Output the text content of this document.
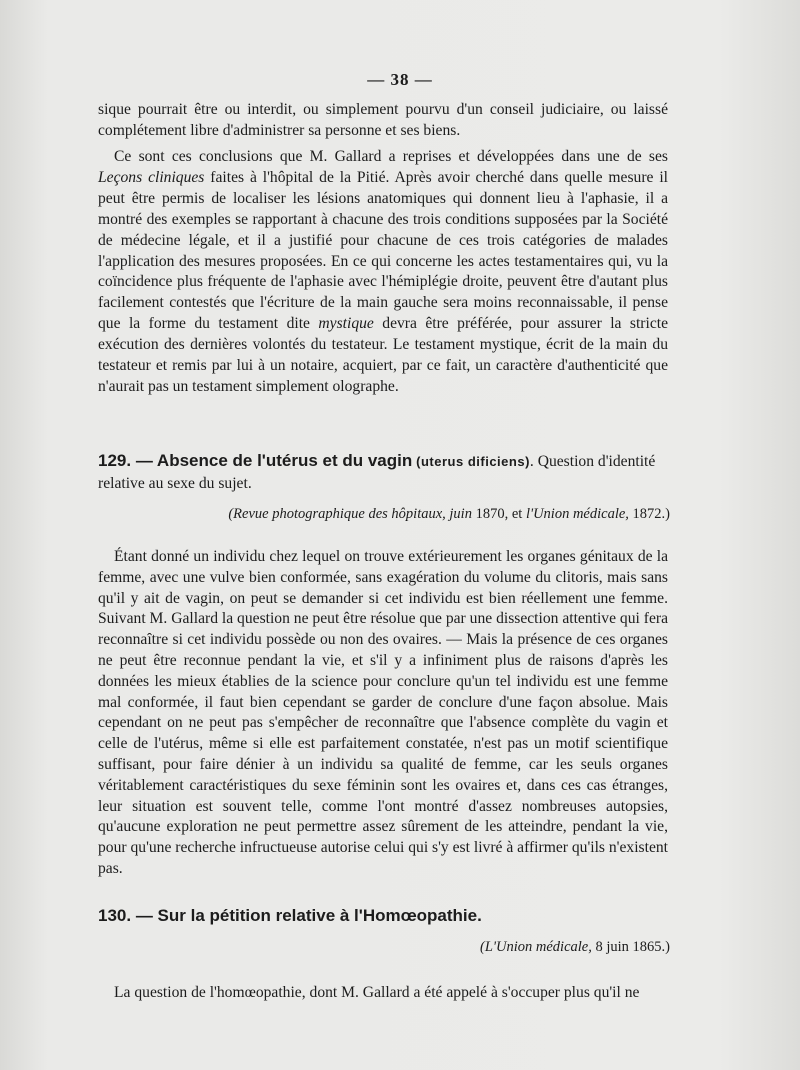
— 38 —

sique pourrait être ou interdit, ou simplement pourvu d'un conseil judiciaire, ou laissé complétement libre d'administrer sa personne et ses biens.

Ce sont ces conclusions que M. Gallard a reprises et développées dans une de ses Leçons cliniques faites à l'hôpital de la Pitié. Après avoir cherché dans quelle mesure il peut être permis de localiser les lésions anatomiques qui donnent lieu à l'aphasie, il a montré des exemples se rapportant à chacune des trois conditions supposées par la Société de médecine légale, et il a justifié pour chacune de ces trois catégories de malades l'application des mesures proposées. En ce qui concerne les actes testamentaires qui, vu la coïncidence plus fréquente de l'aphasie avec l'hémiplégie droite, peuvent être d'autant plus facilement contestés que l'écriture de la main gauche sera moins reconnaissable, il pense que la forme du testament dite mystique devra être préférée, pour assurer la stricte exécution des dernières volontés du testateur. Le testament mystique, écrit de la main du testateur et remis par lui à un notaire, acquiert, par ce fait, un caractère d'authenticité que n'aurait pas un testament simplement olographe.

129. — Absence de l'utérus et du vagin (uterus dificiens). Question d'identité relative au sexe du sujet.
(Revue photographique des hôpitaux, juin 1870, et l'Union médicale, 1872.)

Étant donné un individu chez lequel on trouve extérieurement les organes génitaux de la femme, avec une vulve bien conformée, sans exagération du volume du clitoris, mais sans qu'il y ait de vagin, on peut se demander si cet individu est bien réellement une femme. Suivant M. Gallard la question ne peut être résolue que par une dissection attentive qui fera reconnaître si cet individu possède ou non des ovaires. — Mais la présence de ces organes ne peut être reconnue pendant la vie, et s'il y a infiniment plus de raisons d'après les données les mieux établies de la science pour conclure qu'un tel individu est une femme mal conformée, il faut bien cependant se garder de conclure d'une façon absolue. Mais cependant on ne peut pas s'empêcher de reconnaître que l'absence complète du vagin et celle de l'utérus, même si elle est parfaitement constatée, n'est pas un motif scientifique suffisant, pour faire dénier à un individu sa qualité de femme, car les seuls organes véritablement caractéristiques du sexe féminin sont les ovaires et, dans ces cas étranges, leur situation est souvent telle, comme l'ont montré d'assez nombreuses autopsies, qu'aucune exploration ne peut permettre assez sûrement de les atteindre, pendant la vie, pour qu'une recherche infructueuse autorise celui qui s'y est livré à affirmer qu'ils n'existent pas.

130. — Sur la pétition relative à l'Homœopathie.
(L'Union médicale, 8 juin 1865.)

La question de l'homœopathie, dont M. Gallard a été appelé à s'occuper plus qu'il ne
